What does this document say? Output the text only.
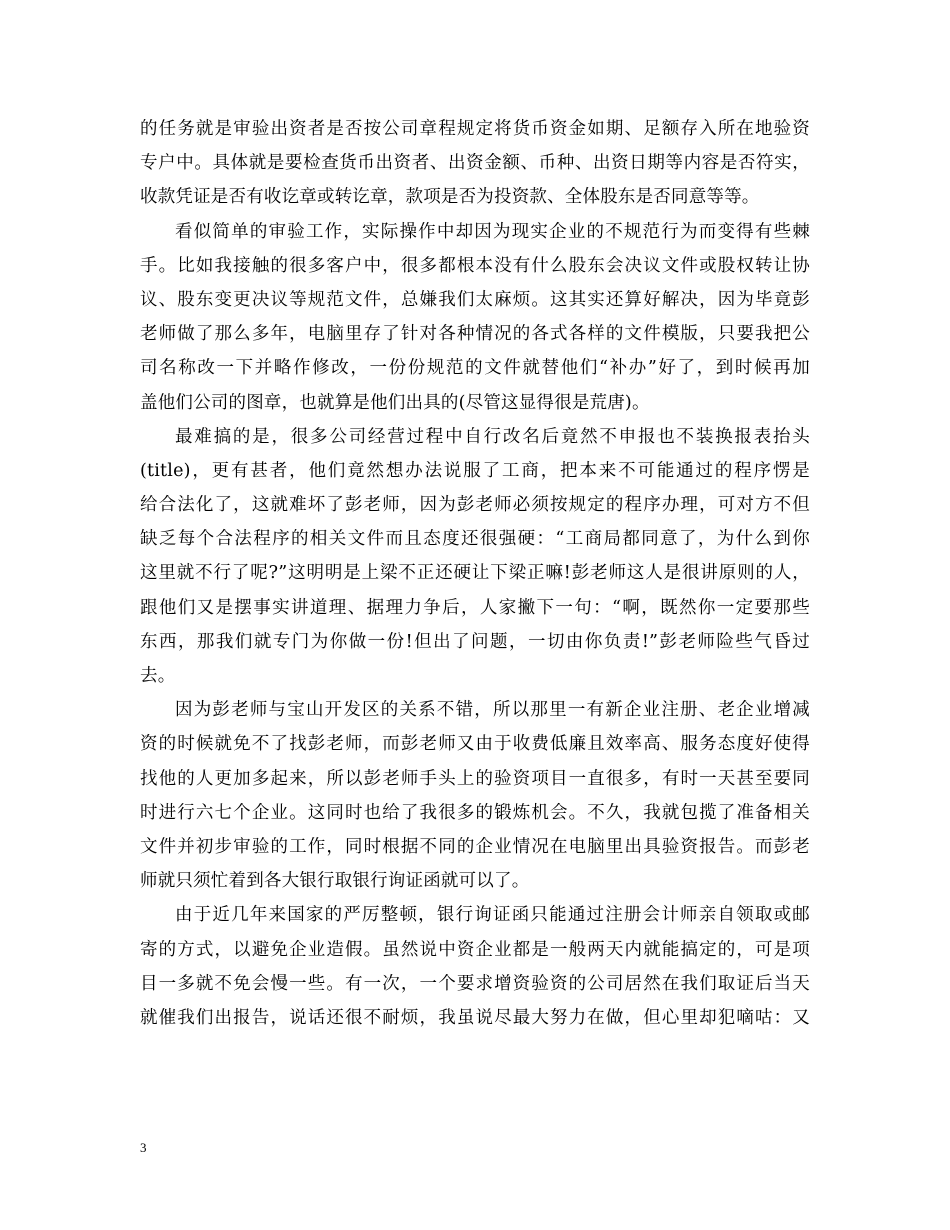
的任务就是审验出资者是否按公司章程规定将货币资金如期、足额存入所在地验资
专户中。具体就是要检查货币出资者、出资金额、币种、出资日期等内容是否符实，
收款凭证是否有收讫章或转讫章，款项是否为投资款、全体股东是否同意等等。
看似简单的审验工作，实际操作中却因为现实企业的不规范行为而变得有些棘
手。比如我接触的很多客户中，很多都根本没有什么股东会决议文件或股权转让协
议、股东变更决议等规范文件，总嫌我们太麻烦。这其实还算好解决，因为毕竟彭
老师做了那么多年，电脑里存了针对各种情况的各式各样的文件模版，只要我把公
司名称改一下并略作修改，一份份规范的文件就替他们“补办”好了，到时候再加
盖他们公司的图章，也就算是他们出具的(尽管这显得很是荒唐)。
最难搞的是，很多公司经营过程中自行改名后竟然不申报也不装换报表抬头
(title)，更有甚者，他们竟然想办法说服了工商，把本来不可能通过的程序愣是
给合法化了，这就难坏了彭老师，因为彭老师必须按规定的程序办理，可对方不但
缺乏每个合法程序的相关文件而且态度还很强硬：“工商局都同意了，为什么到你
这里就不行了呢?”这明明是上梁不正还硬让下梁正嘛!彭老师这人是很讲原则的人，
跟他们又是摆事实讲道理、据理力争后，人家撇下一句：“啊，既然你一定要那些
东西，那我们就专门为你做一份!但出了问题，一切由你负责!”彭老师险些气昏过
去。
因为彭老师与宝山开发区的关系不错，所以那里一有新企业注册、老企业增减
资的时候就免不了找彭老师，而彭老师又由于收费低廉且效率高、服务态度好使得
找他的人更加多起来，所以彭老师手头上的验资项目一直很多，有时一天甚至要同
时进行六七个企业。这同时也给了我很多的锻炼机会。不久，我就包揽了准备相关
文件并初步审验的工作，同时根据不同的企业情况在电脑里出具验资报告。而彭老
师就只须忙着到各大银行取银行询证函就可以了。
由于近几年来国家的严厉整顿，银行询证函只能通过注册会计师亲自领取或邮
寄的方式，以避免企业造假。虽然说中资企业都是一般两天内就能搞定的，可是项
目一多就不免会慢一些。有一次，一个要求增资验资的公司居然在我们取证后当天
就催我们出报告，说话还很不耐烦，我虽说尽最大努力在做，但心里却犯嘀咕：又
3
